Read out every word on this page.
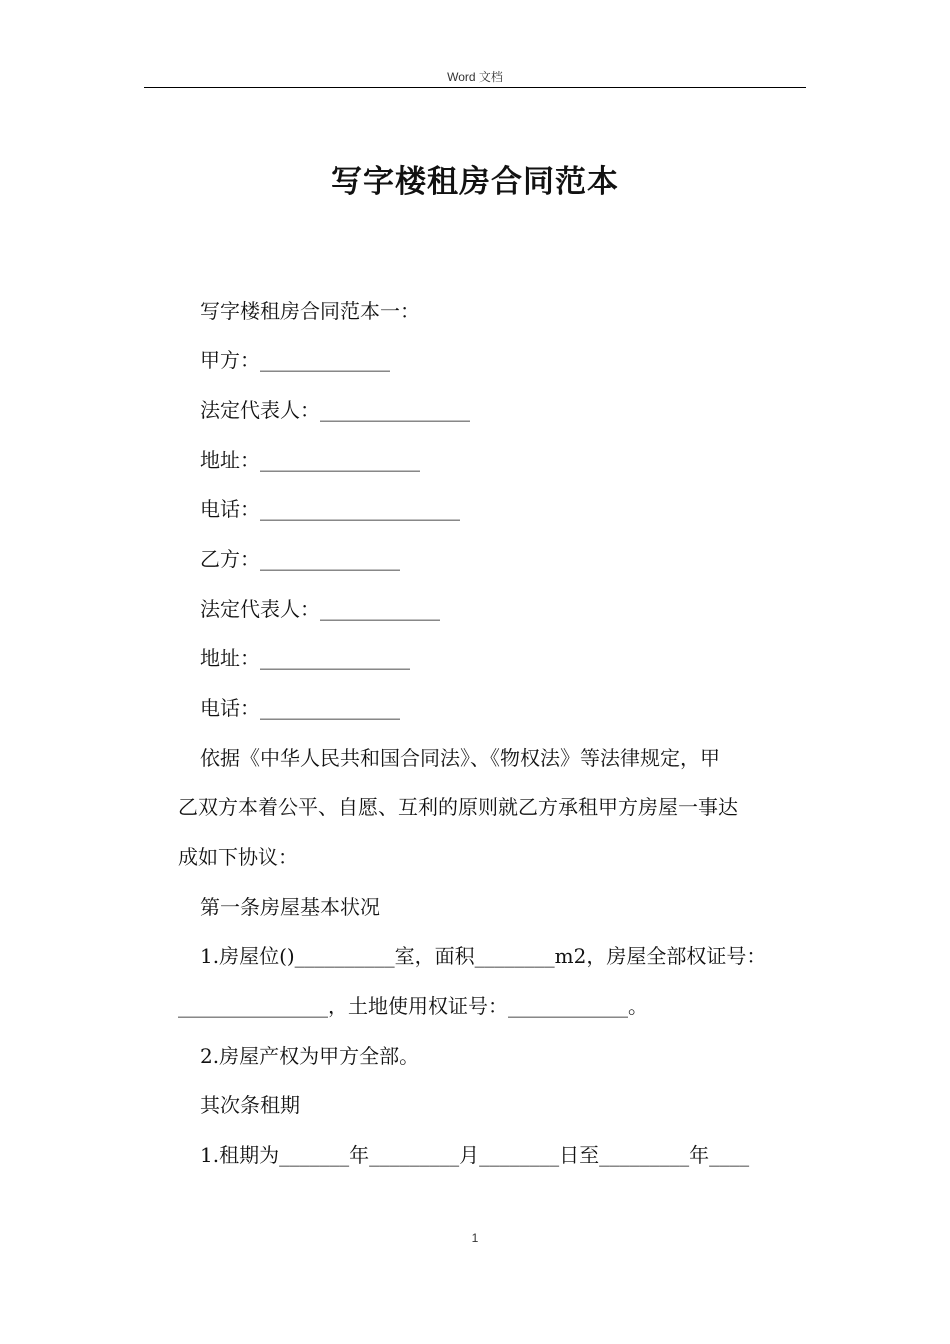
Word 文档
写字楼租房合同范本
写字楼租房合同范本一：
甲方：_____________
法定代表人：_______________
地址：________________
电话：____________________
乙方：______________
法定代表人：____________
地址：_______________
电话：______________
依据《中华人民共和国合同法》、《物权法》等法律规定，甲
乙双方本着公平、自愿、互利的原则就乙方承租甲方房屋一事达
成如下协议：
第一条房屋基本状况
1.房屋位()__________室，面积________m2，房屋全部权证号：
_______________，土地使用权证号：____________。
2.房屋产权为甲方全部。
其次条租期
1.租期为_______年_________月________日至_________年____
1
